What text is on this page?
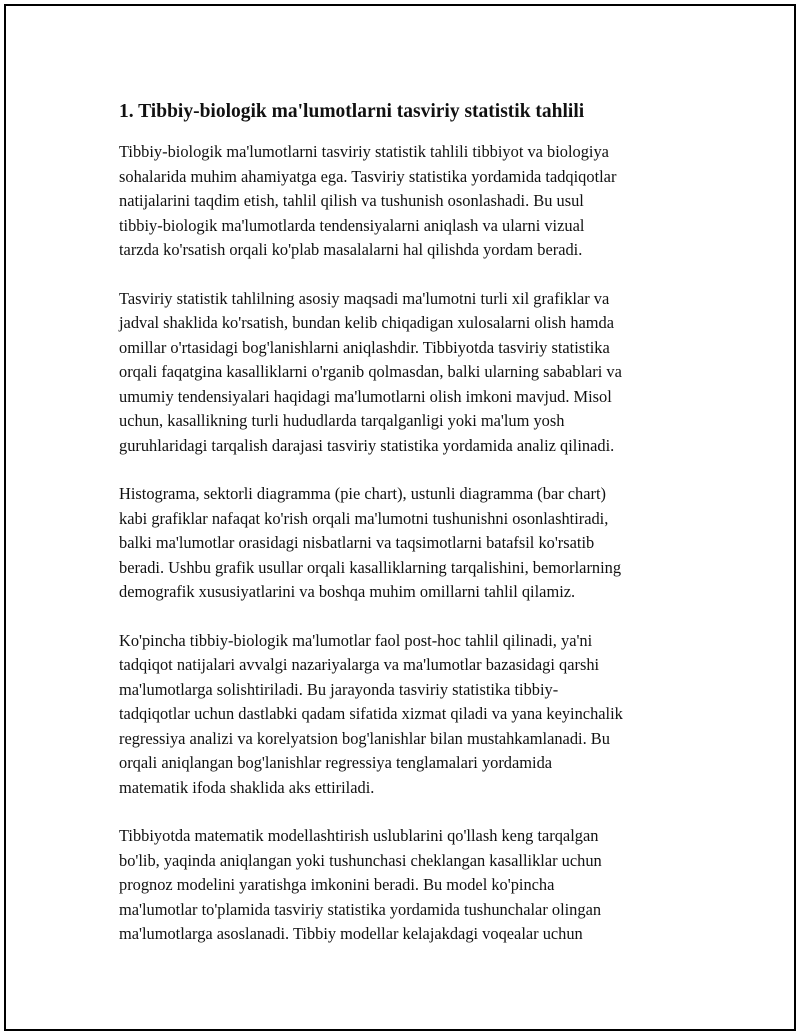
1. Tibbiy-biologik ma'lumotlarni tasviriy statistik tahlili

Tibbiy-biologik ma'lumotlarni tasviriy statistik tahlili tibbiyot va biologiya
sohalarida muhim ahamiyatga ega. Tasviriy statistika yordamida tadqiqotlar
natijalarini taqdim etish, tahlil qilish va tushunish osonlashadi. Bu usul
tibbiy-biologik ma'lumotlarda tendensiyalarni aniqlash va ularni vizual
tarzda ko'rsatish orqali ko'plab masalalarni hal qilishda yordam beradi.

Tasviriy statistik tahlilning asosiy maqsadi ma'lumotni turli xil grafiklar va
jadval shaklida ko'rsatish, bundan kelib chiqadigan xulosalarni olish hamda
omillar o'rtasidagi bog'lanishlarni aniqlashdir. Tibbiyotda tasviriy statistika
orqali faqatgina kasalliklarni o'rganib qolmasdan, balki ularning sabablari va
umumiy tendensiyalari haqidagi ma'lumotlarni olish imkoni mavjud. Misol
uchun, kasallikning turli hududlarda tarqalganligi yoki ma'lum yosh
guruhlaridagi tarqalish darajasi tasviriy statistika yordamida analiz qilinadi.

Histograma, sektorli diagramma (pie chart), ustunli diagramma (bar chart)
kabi grafiklar nafaqat ko'rish orqali ma'lumotni tushunishni osonlashtiradi,
balki ma'lumotlar orasidagi nisbatlarni va taqsimotlarni batafsil ko'rsatib
beradi. Ushbu grafik usullar orqali kasalliklarning tarqalishini, bemorlarning
demografik xususiyatlarini va boshqa muhim omillarni tahlil qilamiz.

Ko'pincha tibbiy-biologik ma'lumotlar faol post-hoc tahlil qilinadi, ya'ni
tadqiqot natijalari avvalgi nazariyalarga va ma'lumotlar bazasidagi qarshi
ma'lumotlarga solishtiriladi. Bu jarayonda tasviriy statistika tibbiy-
tadqiqotlar uchun dastlabki qadam sifatida xizmat qiladi va yana keyinchalik
regressiya analizi va korelyatsion bog'lanishlar bilan mustahkamlanadi. Bu
orqali aniqlangan bog'lanishlar regressiya tenglamalari yordamida
matematik ifoda shaklida aks ettiriladi.

Tibbiyotda matematik modellashtirish uslublarini qo'llash keng tarqalgan
bo'lib, yaqinda aniqlangan yoki tushunchasi cheklangan kasalliklar uchun
prognoz modelini yaratishga imkonini beradi. Bu model ko'pincha
ma'lumotlar to'plamida tasviriy statistika yordamida tushunchalar olingan
ma'lumotlarga asoslanadi. Tibbiy modellar kelajakdagi voqealar uchun
